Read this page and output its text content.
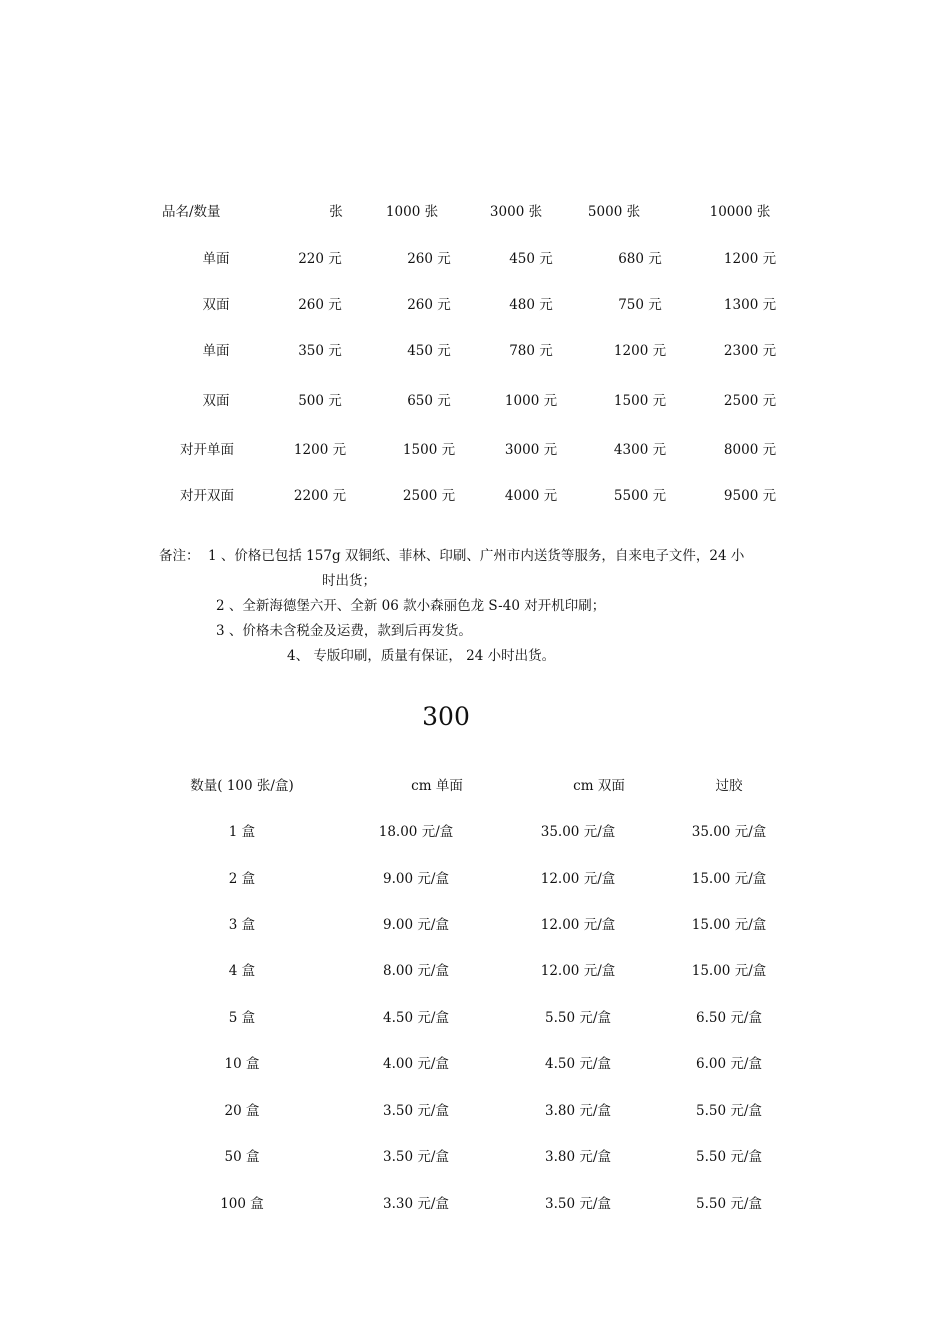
品名/数量	张	1000 张	3000 张	5000 张	10000 张
单面	220 元	260 元	450 元	680 元	1200 元
双面	260 元	260 元	480 元	750 元	1300 元
单面	350 元	450 元	780 元	1200 元	2300 元
双面	500 元	650 元	1000 元	1500 元	2500 元
对开单面	1200 元	1500 元	3000 元	4300 元	8000 元
对开双面	2200 元	2500 元	4000 元	5500 元	9500 元
备注： 1 、价格已包括 157g 双铜纸、菲林、印刷、广州市内送货等服务，自来电子文件，24 小
时出货；
2 、全新海德堡六开、全新 06 款小森丽色龙 S-40 对开机印刷；
3 、价格未含税金及运费，款到后再发货。
4、 专版印刷，质量有保证， 24 小时出货。
300
数量( 100 张/盒)	cm 单面	cm 双面	过胶
1 盒	18.00 元/盒	35.00 元/盒	35.00 元/盒
2 盒	9.00 元/盒	12.00 元/盒	15.00 元/盒
3 盒	9.00 元/盒	12.00 元/盒	15.00 元/盒
4 盒	8.00 元/盒	12.00 元/盒	15.00 元/盒
5 盒	4.50 元/盒	5.50 元/盒	6.50 元/盒
10 盒	4.00 元/盒	4.50 元/盒	6.00 元/盒
20 盒	3.50 元/盒	3.80 元/盒	5.50 元/盒
50 盒	3.50 元/盒	3.80 元/盒	5.50 元/盒
100 盒	3.30 元/盒	3.50 元/盒	5.50 元/盒
